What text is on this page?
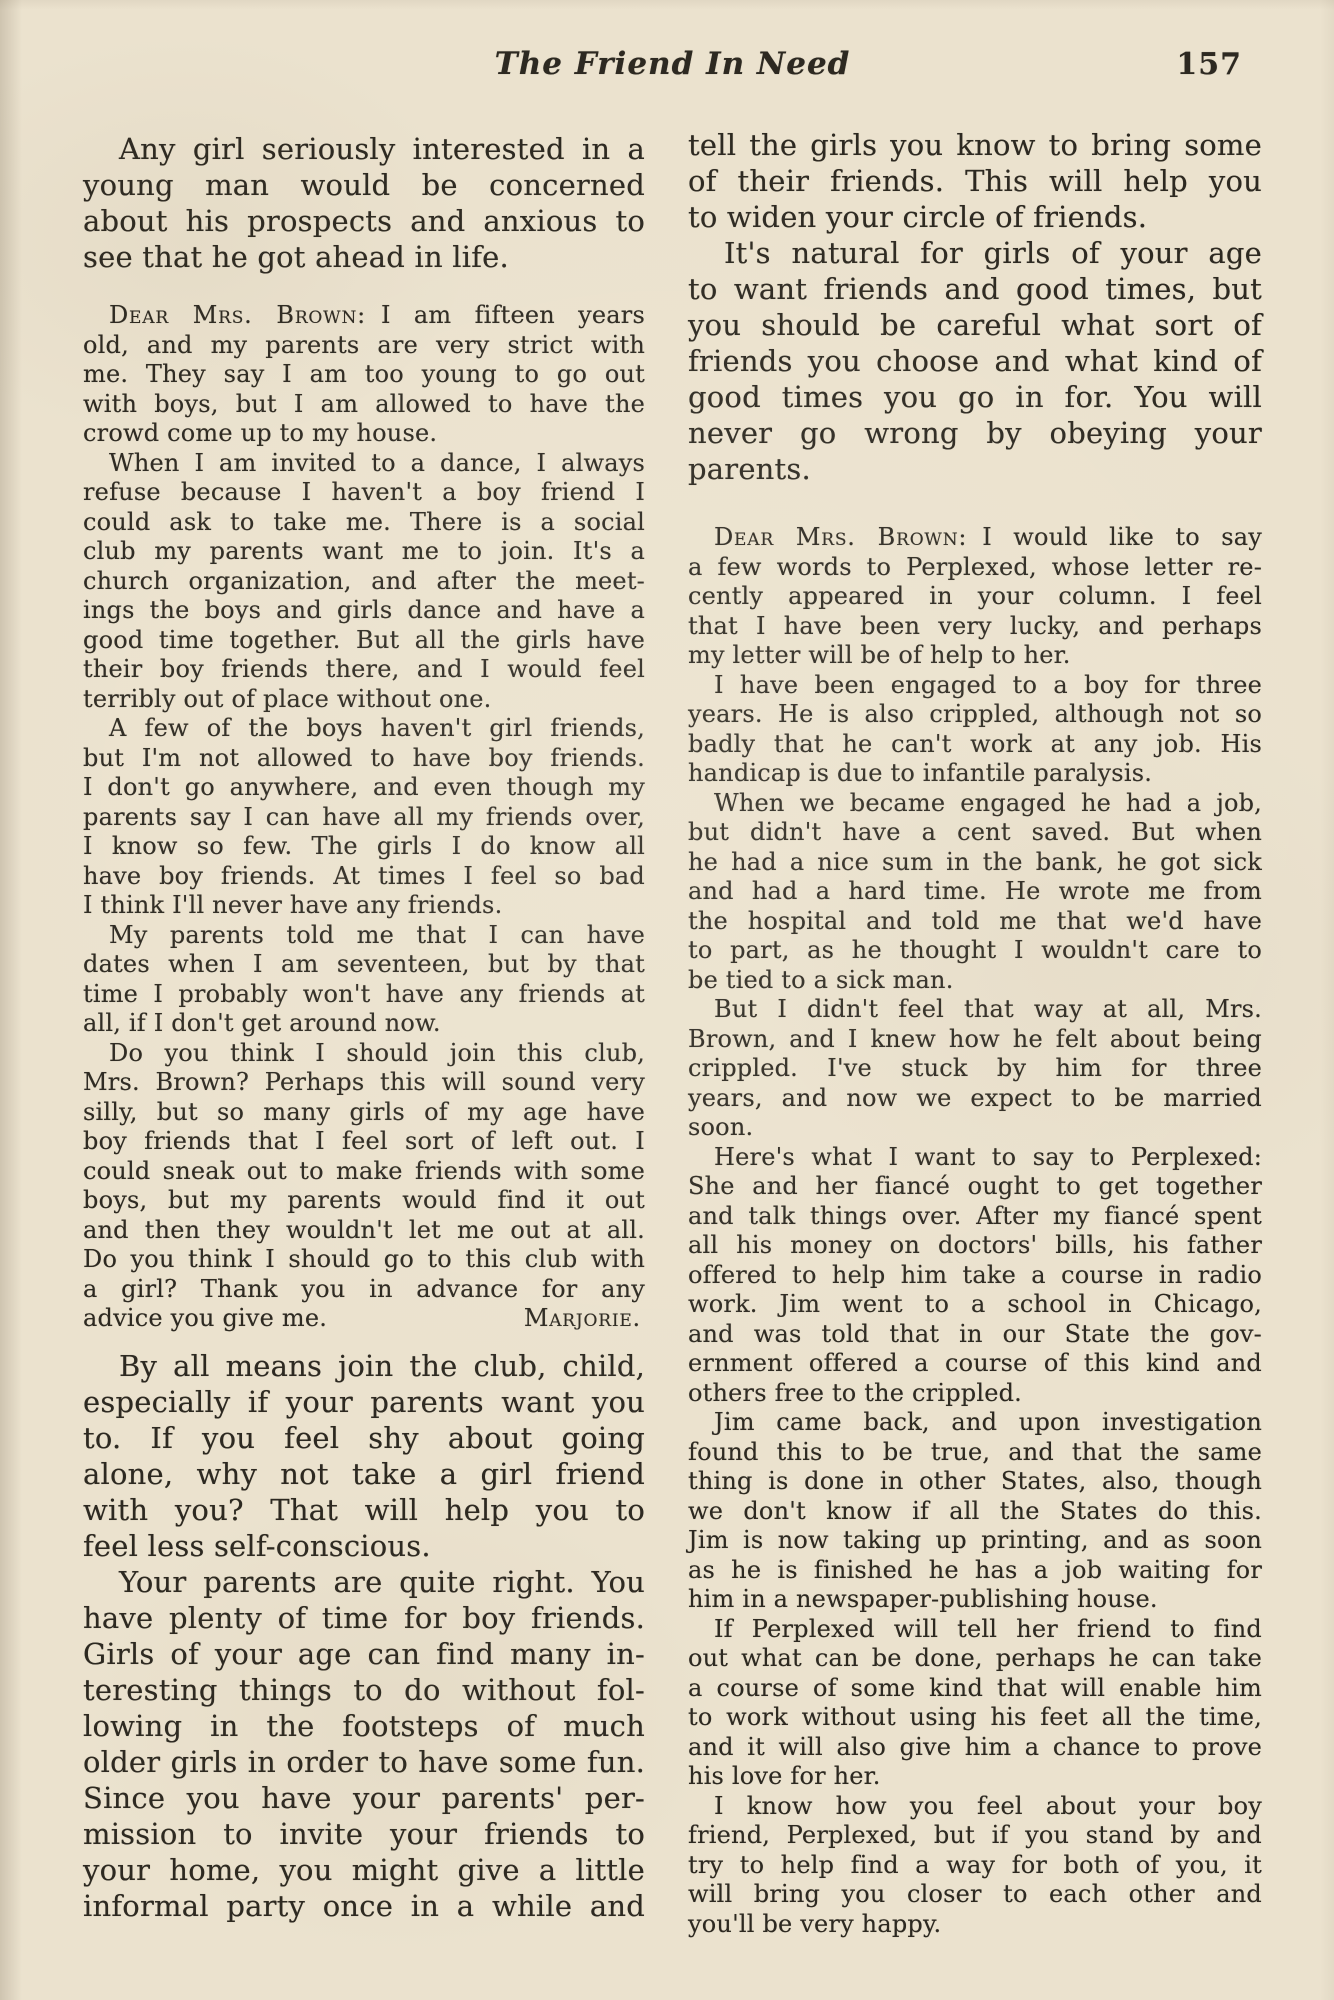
The Friend In Need	157
Any girl seriously interested in a
young man would be concerned
about his prospects and anxious to
see that he got ahead in life.
Dear Mrs. Brown: I am fifteen years
old, and my parents are very strict with
me. They say I am too young to go out
with boys, but I am allowed to have the
crowd come up to my house.
When I am invited to a dance, I always
refuse because I haven't a boy friend I
could ask to take me. There is a social
club my parents want me to join. It's a
church organization, and after the meet-
ings the boys and girls dance and have a
good time together. But all the girls have
their boy friends there, and I would feel
terribly out of place without one.
A few of the boys haven't girl friends,
but I'm not allowed to have boy friends.
I don't go anywhere, and even though my
parents say I can have all my friends over,
I know so few. The girls I do know all
have boy friends. At times I feel so bad
I think I'll never have any friends.
My parents told me that I can have
dates when I am seventeen, but by that
time I probably won't have any friends at
all, if I don't get around now.
Do you think I should join this club,
Mrs. Brown? Perhaps this will sound very
silly, but so many girls of my age have
boy friends that I feel sort of left out. I
could sneak out to make friends with some
boys, but my parents would find it out
and then they wouldn't let me out at all.
Do you think I should go to this club with
a girl? Thank you in advance for any
advice you give me.	Marjorie.
By all means join the club, child,
especially if your parents want you
to. If you feel shy about going
alone, why not take a girl friend
with you? That will help you to
feel less self-conscious.
Your parents are quite right. You
have plenty of time for boy friends.
Girls of your age can find many in-
teresting things to do without fol-
lowing in the footsteps of much
older girls in order to have some fun.
Since you have your parents' per-
mission to invite your friends to
your home, you might give a little
informal party once in a while and
tell the girls you know to bring some
of their friends. This will help you
to widen your circle of friends.
It's natural for girls of your age
to want friends and good times, but
you should be careful what sort of
friends you choose and what kind of
good times you go in for. You will
never go wrong by obeying your
parents.
Dear Mrs. Brown: I would like to say
a few words to Perplexed, whose letter re-
cently appeared in your column. I feel
that I have been very lucky, and perhaps
my letter will be of help to her.
I have been engaged to a boy for three
years. He is also crippled, although not so
badly that he can't work at any job. His
handicap is due to infantile paralysis.
When we became engaged he had a job,
but didn't have a cent saved. But when
he had a nice sum in the bank, he got sick
and had a hard time. He wrote me from
the hospital and told me that we'd have
to part, as he thought I wouldn't care to
be tied to a sick man.
But I didn't feel that way at all, Mrs.
Brown, and I knew how he felt about being
crippled. I've stuck by him for three
years, and now we expect to be married
soon.
Here's what I want to say to Perplexed:
She and her fiancé ought to get together
and talk things over. After my fiancé spent
all his money on doctors' bills, his father
offered to help him take a course in radio
work. Jim went to a school in Chicago,
and was told that in our State the gov-
ernment offered a course of this kind and
others free to the crippled.
Jim came back, and upon investigation
found this to be true, and that the same
thing is done in other States, also, though
we don't know if all the States do this.
Jim is now taking up printing, and as soon
as he is finished he has a job waiting for
him in a newspaper-publishing house.
If Perplexed will tell her friend to find
out what can be done, perhaps he can take
a course of some kind that will enable him
to work without using his feet all the time,
and it will also give him a chance to prove
his love for her.
I know how you feel about your boy
friend, Perplexed, but if you stand by and
try to help find a way for both of you, it
will bring you closer to each other and
you'll be very happy.
